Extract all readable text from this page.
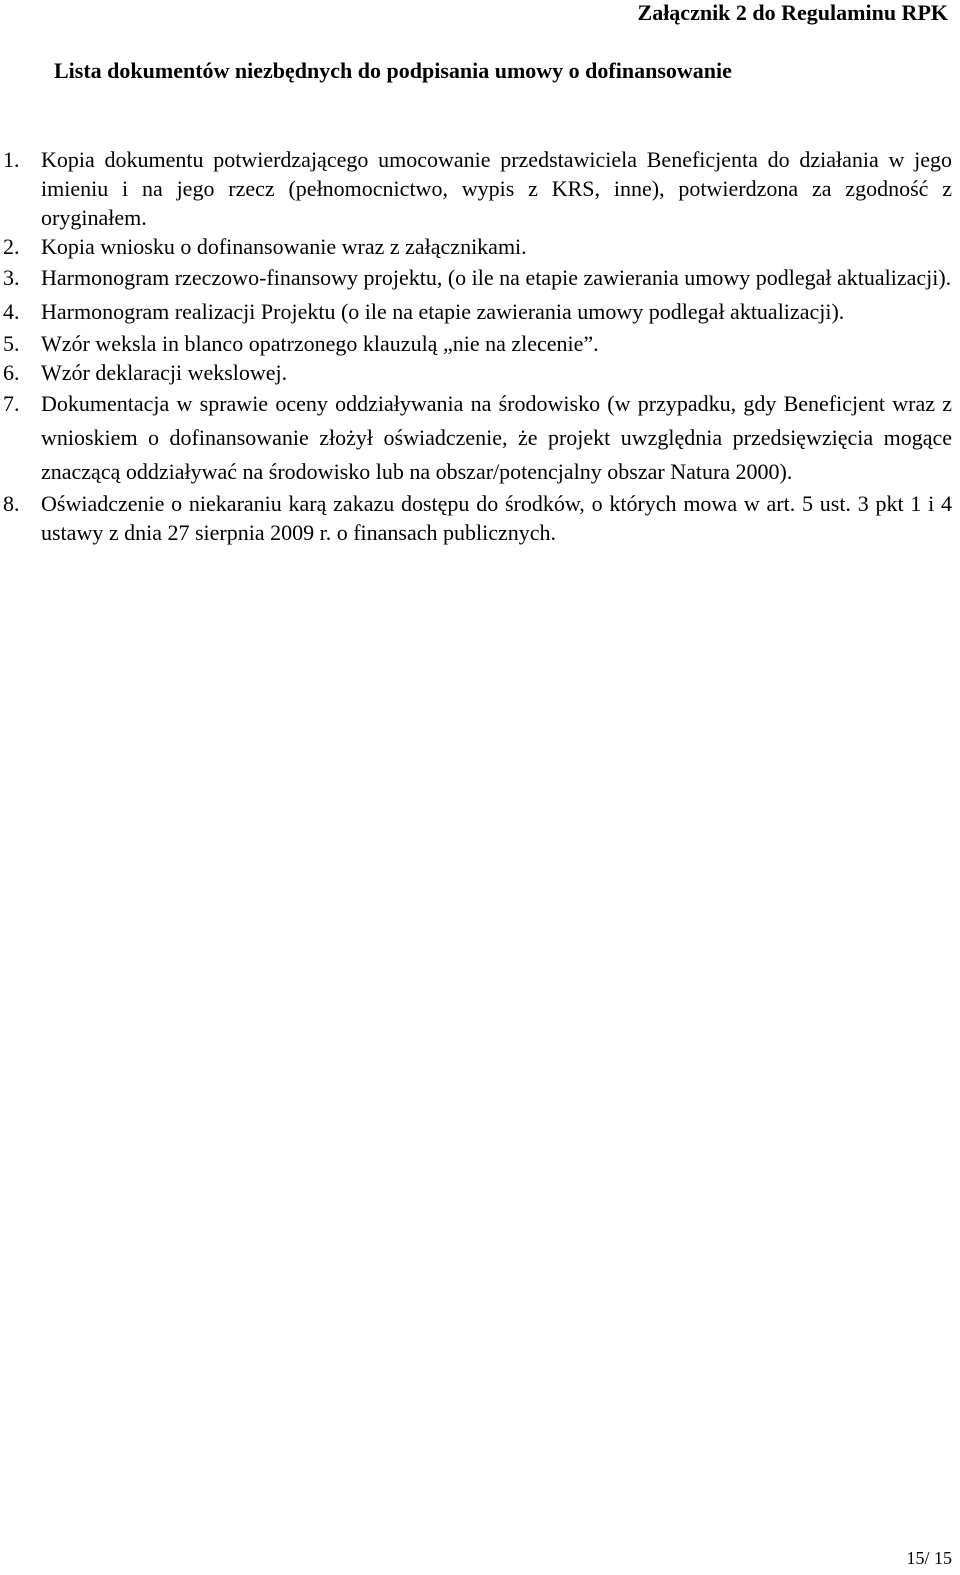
Załącznik 2 do Regulaminu RPK
Lista dokumentów niezbędnych do podpisania umowy o dofinansowanie
1. Kopia dokumentu potwierdzającego umocowanie przedstawiciela Beneficjenta do działania w jego imieniu i na jego rzecz (pełnomocnictwo, wypis z KRS, inne), potwierdzona za zgodność z oryginałem.
2. Kopia wniosku o dofinansowanie wraz z załącznikami.
3. Harmonogram rzeczowo-finansowy projektu, (o ile na etapie zawierania umowy podlegał aktualizacji).
4. Harmonogram realizacji Projektu (o ile na etapie zawierania umowy podlegał aktualizacji).
5. Wzór weksla in blanco opatrzonego klauzulą „nie na zlecenie”.
6. Wzór deklaracji wekslowej.
7. Dokumentacja w sprawie oceny oddziaływania na środowisko (w przypadku, gdy Beneficjent wraz z wnioskiem o dofinansowanie złożył oświadczenie, że projekt uwzględnia przedsięwzięcia mogące znaczącą oddziaływać na środowisko lub na obszar/potencjalny obszar Natura 2000).
8. Oświadczenie o niekaraniu karą zakazu dostępu do środków, o których mowa w art. 5 ust. 3 pkt 1 i 4 ustawy z dnia 27 sierpnia 2009 r. o finansach publicznych.
15/ 15
